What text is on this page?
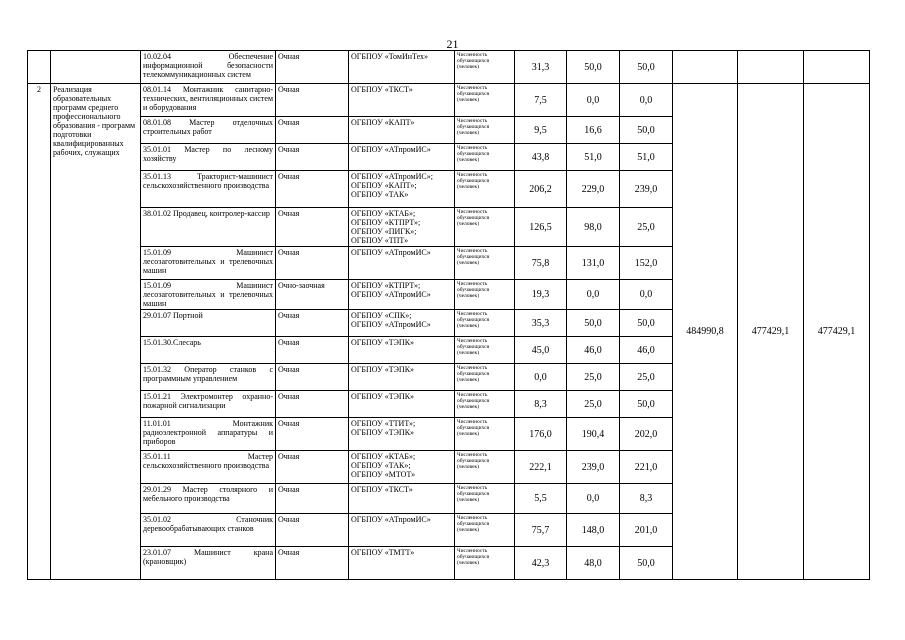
21
		10.02.04 Обеспечение информационной безопасности телекоммуникационных систем	Очная	ОГБПОУ «ТомИнТех»	Численность обучающихся (человек)	31,3	50,0	50,0			
2	Реализация образовательных программ среднего профессионального образования - программ подготовки квалифицированных рабочих, служащих	08.01.14 Монтажник санитарно-технических, вентиляционных систем и оборудования	Очная	ОГБПОУ «ТКСТ»	Численность обучающихся (человек)	7,5	0,0	0,0	484990,8	477429,1	477429,1
		08.01.08 Мастер отделочных строительных работ	Очная	ОГБПОУ «КАПТ»	Численность обучающихся (человек)	9,5	16,6	50,0			
		35.01.01 Мастер по лесному хозяйству	Очная	ОГБПОУ «АТпромИС»	Численность обучающихся (человек)	43,8	51,0	51,0			
		35.01.13 Тракторист-машинист сельскохозяйственного производства	Очная	ОГБПОУ «АТпромИС»;
ОГБПОУ «КАПТ»;
ОГБПОУ «ТАК»	Численность обучающихся (человек)	206,2	229,0	239,0			
		38.01.02 Продавец, контролер-кассир	Очная	ОГБПОУ «КТАБ»;
ОГБПОУ «КТПРТ»;
ОГБПОУ «ПИГК»;
ОГБПОУ «ТПТ»	Численность обучающихся (человек)	126,5	98,0	25,0			
		15.01.09 Машинист лесозаготовительных и трелевочных машин	Очная	ОГБПОУ «АТпромИС»	Численность обучающихся (человек)	75,8	131,0	152,0			
		15.01.09 Машинист лесозаготовительных и трелевочных машин	Очно-заочная	ОГБПОУ «КТПРТ»;
ОГБПОУ «АТпромИС»	Численность обучающихся (человек)	19,3	0,0	0,0			
		29.01.07 Портной	Очная	ОГБПОУ «СПК»;
ОГБПОУ «АТпромИС»	Численность обучающихся (человек)	35,3	50,0	50,0			
		15.01.30.Слесарь	Очная	ОГБПОУ «ТЭПК»	Численность обучающихся (человек)	45,0	46,0	46,0			
		15.01.32 Оператор станков с программным управлением	Очная	ОГБПОУ «ТЭПК»	Численность обучающихся (человек)	0,0	25,0	25,0			
		15.01.21 Электромонтер охранно-пожарной сигнализации	Очная	ОГБПОУ «ТЭПК»	Численность обучающихся (человек)	8,3	25,0	50,0			
		11.01.01 Монтажник радиоэлектронной аппаратуры и приборов	Очная	ОГБПОУ «ТТИТ»;
ОГБПОУ «ТЭПК»	Численность обучающихся (человек)	176,0	190,4	202,0			
		35.01.11 Мастер сельскохозяйственного производства	Очная	ОГБПОУ «КТАБ»;
ОГБПОУ «ТАК»;
ОГБПОУ «МТОТ»	Численность обучающихся (человек)	222,1	239,0	221,0			
		29.01.29 Мастер столярного и мебельного производства	Очная	ОГБПОУ «ТКСТ»	Численность обучающихся (человек)	5,5	0,0	8,3			
		35.01.02 Станочник деревообрабатывающих станков	Очная	ОГБПОУ «АТпромИС»	Численность обучающихся (человек)	75,7	148,0	201,0			
		23.01.07 Машинист крана (крановщик)	Очная	ОГБПОУ «ТМТТ»	Численность обучающихся (человек)	42,3	48,0	50,0			
